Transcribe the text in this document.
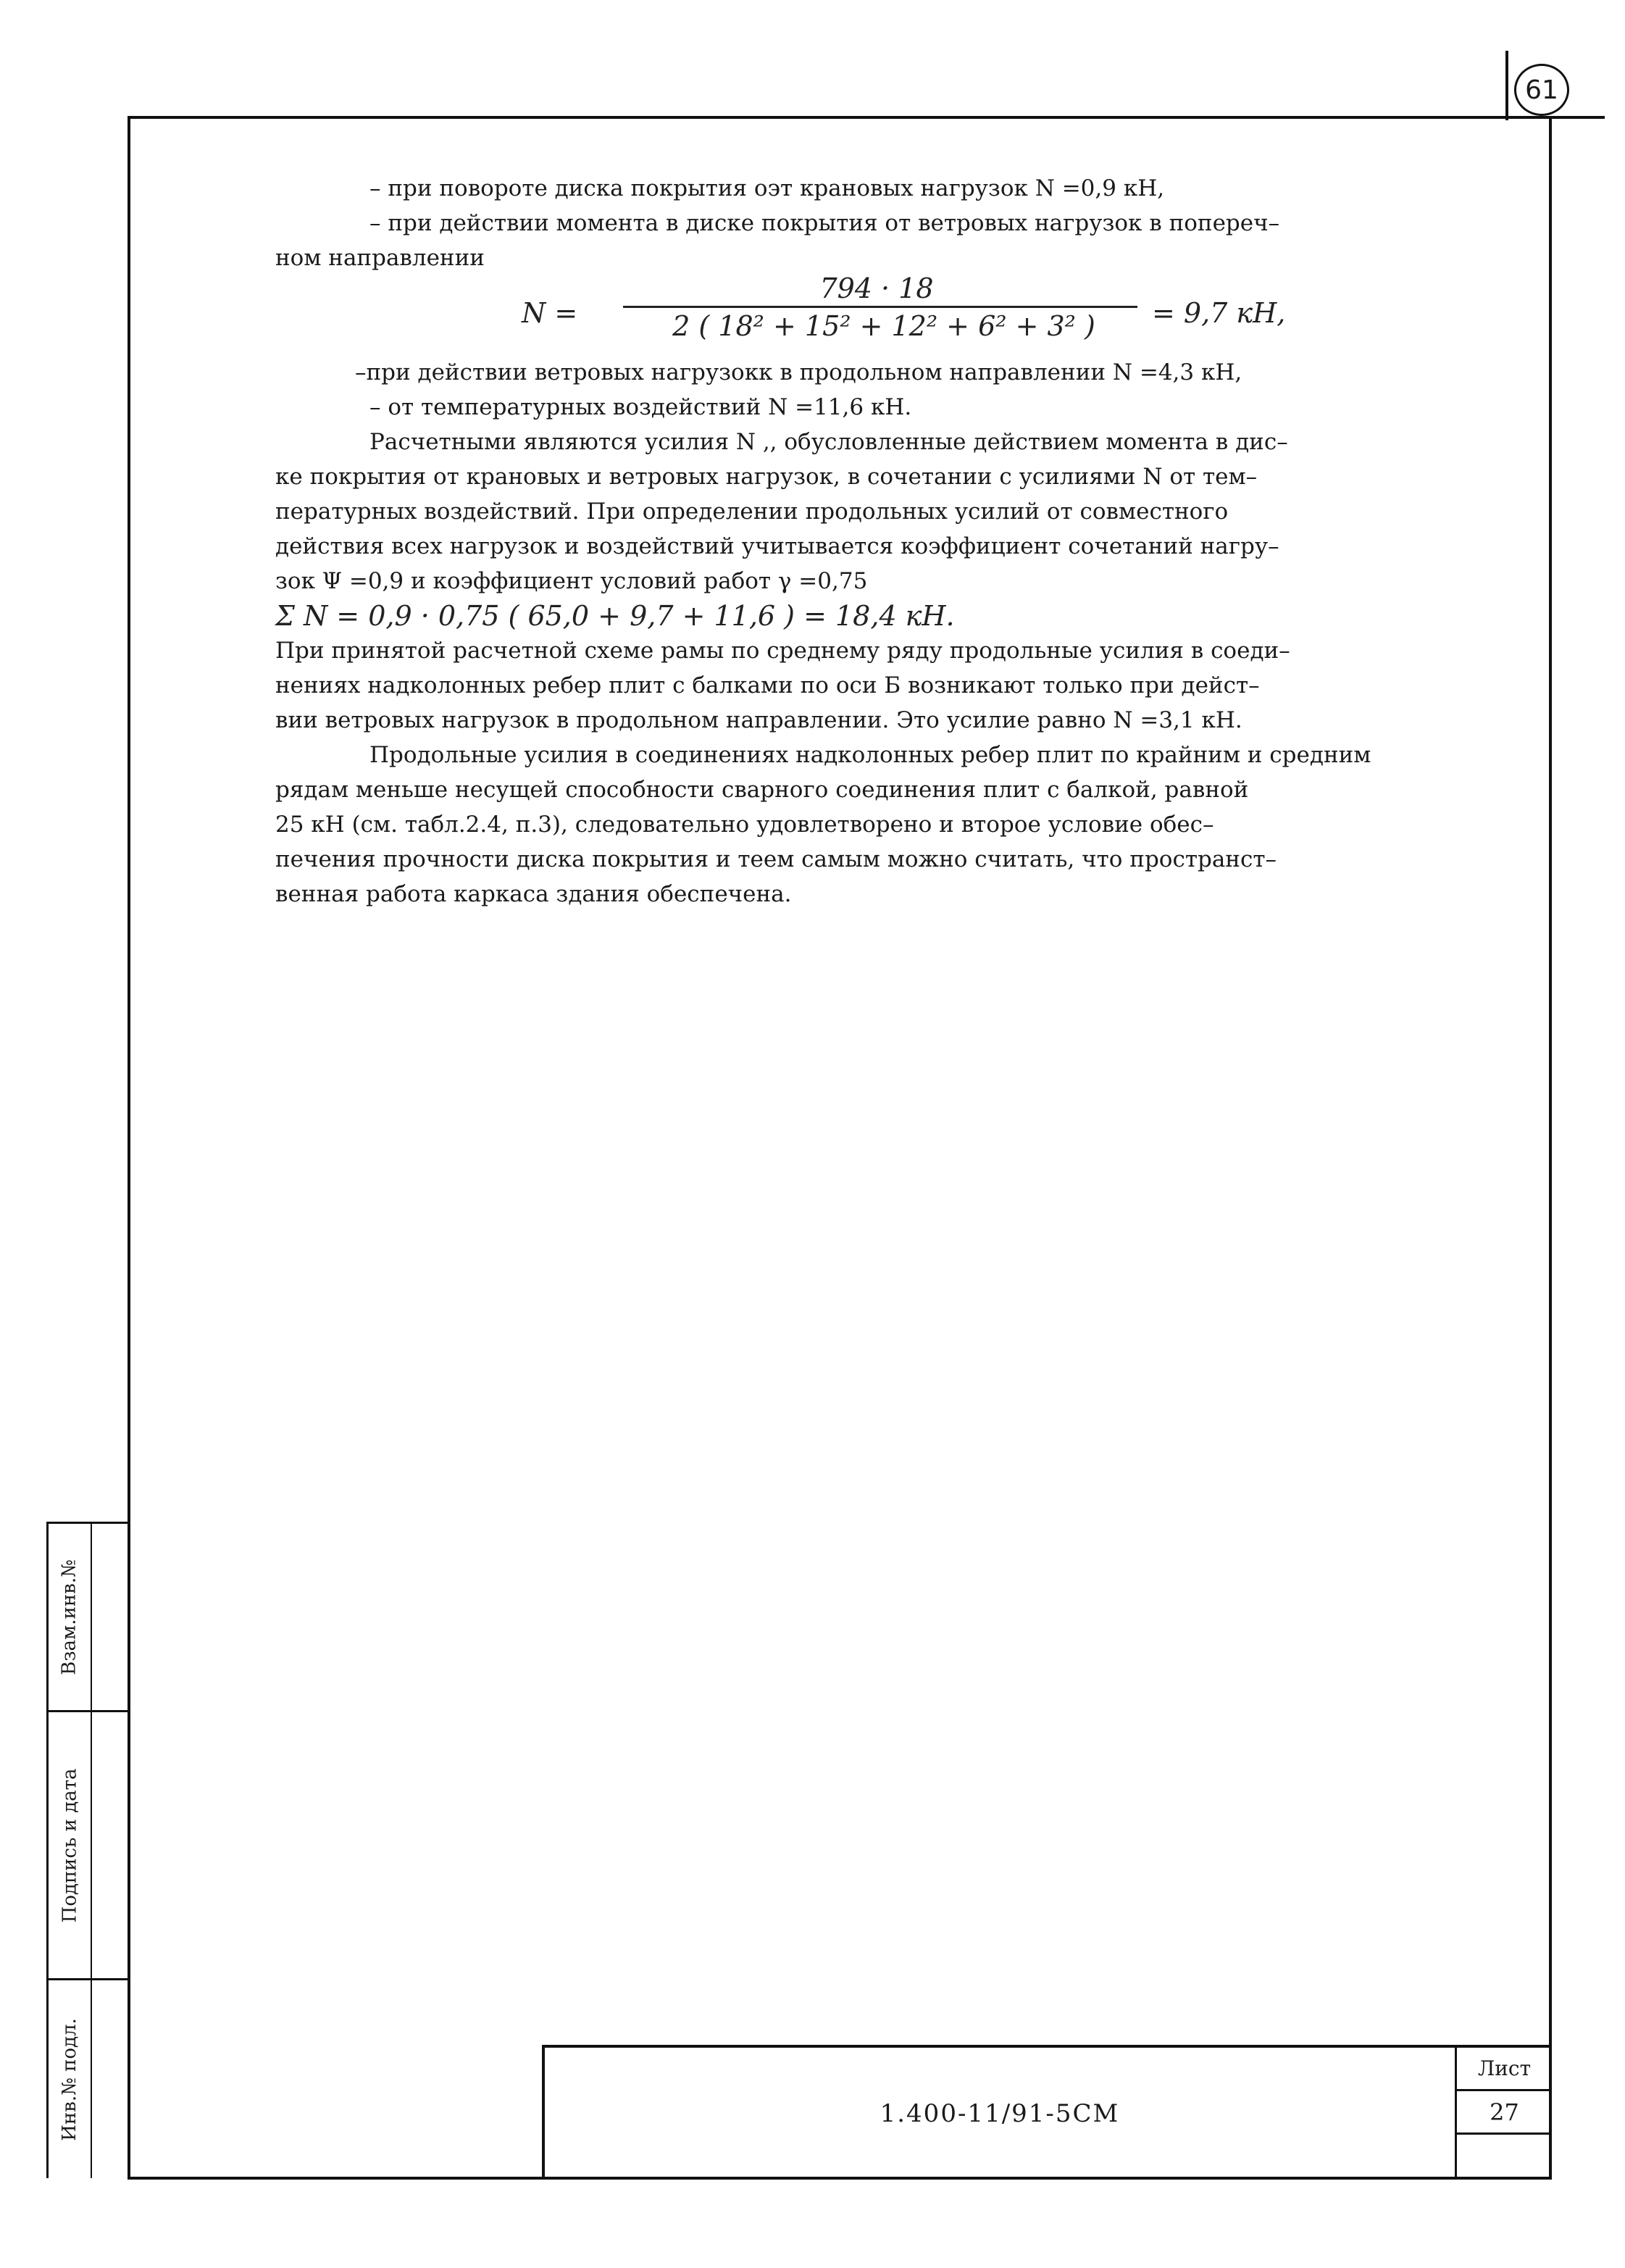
61

– при повороте диска покрытия оэт крановых нагрузок N =0,9 кН,

– при действии момента в диске покрытия от ветровых нагрузок в попереч–

ном направлении

N =
794 · 18
2 ( 18² + 15² + 12² + 6² + 3² )	= 9,7 кН,

–при действии ветровых нагрузокк в продольном направлении N =4,3 кН,

– от температурных воздействий N =11,6 кН.

Расчетными являются усилия N ,, обусловленные действием момента в дис–

ке покрытия от крановых и ветровых нагрузок, в сочетании с усилиями N от тем–

пературных воздействий. При определении продольных усилий от совместного

действия всех нагрузок и воздействий учитывается коэффициент сочетаний нагру–

зок Ψ =0,9 и коэффициент условий работ γ =0,75

Σ N = 0,9 · 0,75 ( 65,0 + 9,7 + 11,6 ) = 18,4 кН.

При принятой расчетной схеме рамы по среднему ряду продольные усилия в соеди–

нениях надколонных ребер плит с балками по оси Б возникают только при дейст–

вии ветровых нагрузок в продольном направлении. Это усилие равно N =3,1 кН.

Продольные усилия в соединениях надколонных ребер плит по крайним и средним

рядам меньше несущей способности сварного соединения плит с балкой, равной

25 кН (см. табл.2.4, п.3), следовательно удовлетворено и второе условие обес–

печения прочности диска покрытия и теем самым можно считать, что пространст–

венная работа каркаса здания обеспечена.

Взам.инв.№
Подпись и дата
Инв.№ подл.	1.400-11/91-5СМ
Лист
27
